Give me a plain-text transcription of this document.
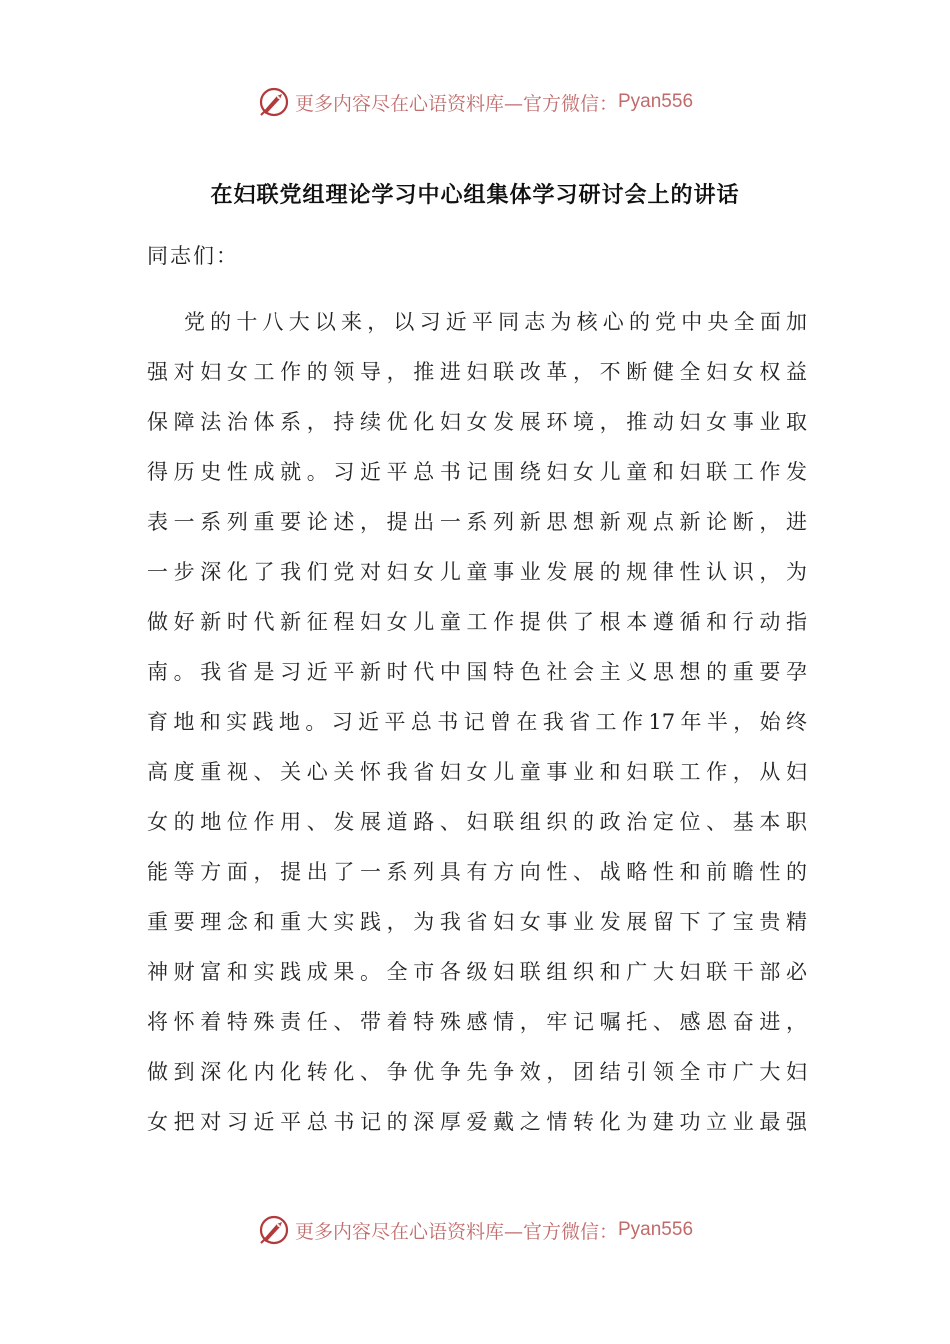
更多内容尽在心语资料库—官方微信： Pyan556
在妇联党组理论学习中心组集体学习研讨会上的讲话
同志们：
党的十八大以来，以习近平同志为核心的党中央全面加
强对妇女工作的领导，推进妇联改革，不断健全妇女权益
保障法治体系，持续优化妇女发展环境，推动妇女事业取
得历史性成就。习近平总书记围绕妇女儿童和妇联工作发
表一系列重要论述，提出一系列新思想新观点新论断，进
一步深化了我们党对妇女儿童事业发展的规律性认识，为
做好新时代新征程妇女儿童工作提供了根本遵循和行动指
南。我省是习近平新时代中国特色社会主义思想的重要孕
育地和实践地。习近平总书记曾在我省工作17年半，始终
高度重视、关心关怀我省妇女儿童事业和妇联工作，从妇
女的地位作用、发展道路、妇联组织的政治定位、基本职
能等方面，提出了一系列具有方向性、战略性和前瞻性的
重要理念和重大实践，为我省妇女事业发展留下了宝贵精
神财富和实践成果。全市各级妇联组织和广大妇联干部必
将怀着特殊责任、带着特殊感情，牢记嘱托、感恩奋进，
做到深化内化转化、争优争先争效，团结引领全市广大妇
女把对习近平总书记的深厚爱戴之情转化为建功立业最强
更多内容尽在心语资料库—官方微信： Pyan556
